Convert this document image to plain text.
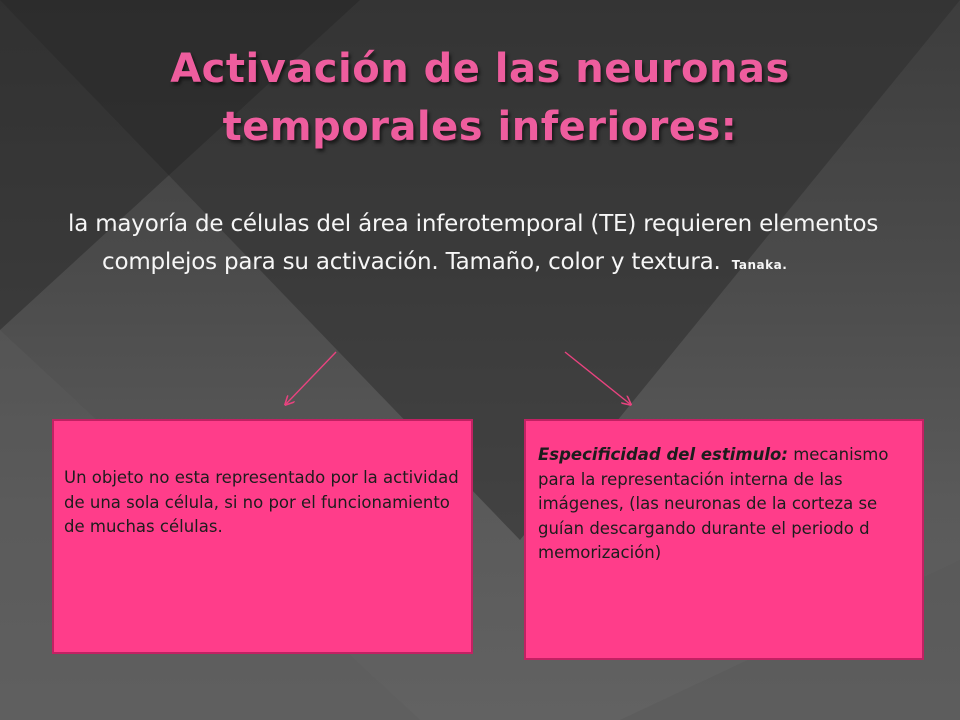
Activación de las neuronas temporales inferiores:

la mayoría de células del área inferotemporal (TE) requieren elementos complejos para su activación. Tamaño, color y textura. Tanaka.

Un objeto no esta representado por la actividad de una sola célula, si no por el funcionamiento de muchas células.
Especificidad del estimulo: mecanismo para la representación interna de las imágenes, (las neuronas de la corteza se guían descargando durante el periodo d memorización)
